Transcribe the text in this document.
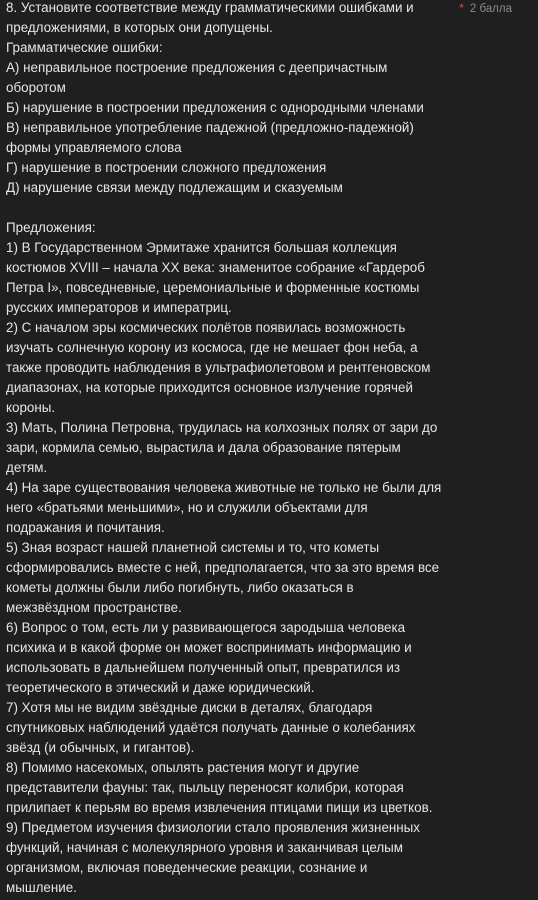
* 2 балла
8. Установите соответствие между грамматическими ошибками и
предложениями, в которых они допущены.
Грамматические ошибки:
А) неправильное построение предложения с деепричастным
оборотом
Б) нарушение в построении предложения с однородными членами
В) неправильное употребление падежной (предложно-падежной)
формы управляемого слова
Г) нарушение в построении сложного предложения
Д) нарушение связи между подлежащим и сказуемым
Предложения:
1) В Государственном Эрмитаже хранится большая коллекция
костюмов XVIII – начала XX века: знаменитое собрание «Гардероб
Петра I», повседневные, церемониальные и форменные костюмы
русских императоров и императриц.
2) С началом эры космических полётов появилась возможность
изучать солнечную корону из космоса, где не мешает фон неба, а
также проводить наблюдения в ультрафиолетовом и рентгеновском
диапазонах, на которые приходится основное излучение горячей
короны.
3) Мать, Полина Петровна, трудилась на колхозных полях от зари до
зари, кормила семью, вырастила и дала образование пятерым
детям.
4) На заре существования человека животные не только не были для
него «братьями меньшими», но и служили объектами для
подражания и почитания.
5) Зная возраст нашей планетной системы и то, что кометы
сформировались вместе с ней, предполагается, что за это время все
кометы должны были либо погибнуть, либо оказаться в
межзвёздном пространстве.
6) Вопрос о том, есть ли у развивающегося зародыша человека
психика и в какой форме он может воспринимать информацию и
использовать в дальнейшем полученный опыт, превратился из
теоретического в этический и даже юридический.
7) Хотя мы не видим звёздные диски в деталях, благодаря
спутниковых наблюдений удаётся получать данные о колебаниях
звёзд (и обычных, и гигантов).
8) Помимо насекомых, опылять растения могут и другие
представители фауны: так, пыльцу переносят колибри, которая
прилипает к перьям во время извлечения птицами пищи из цветков.
9) Предметом изучения физиологии стало проявления жизненных
функций, начиная с молекулярного уровня и заканчивая целым
организмом, включая поведенческие реакции, сознание и
мышление.
